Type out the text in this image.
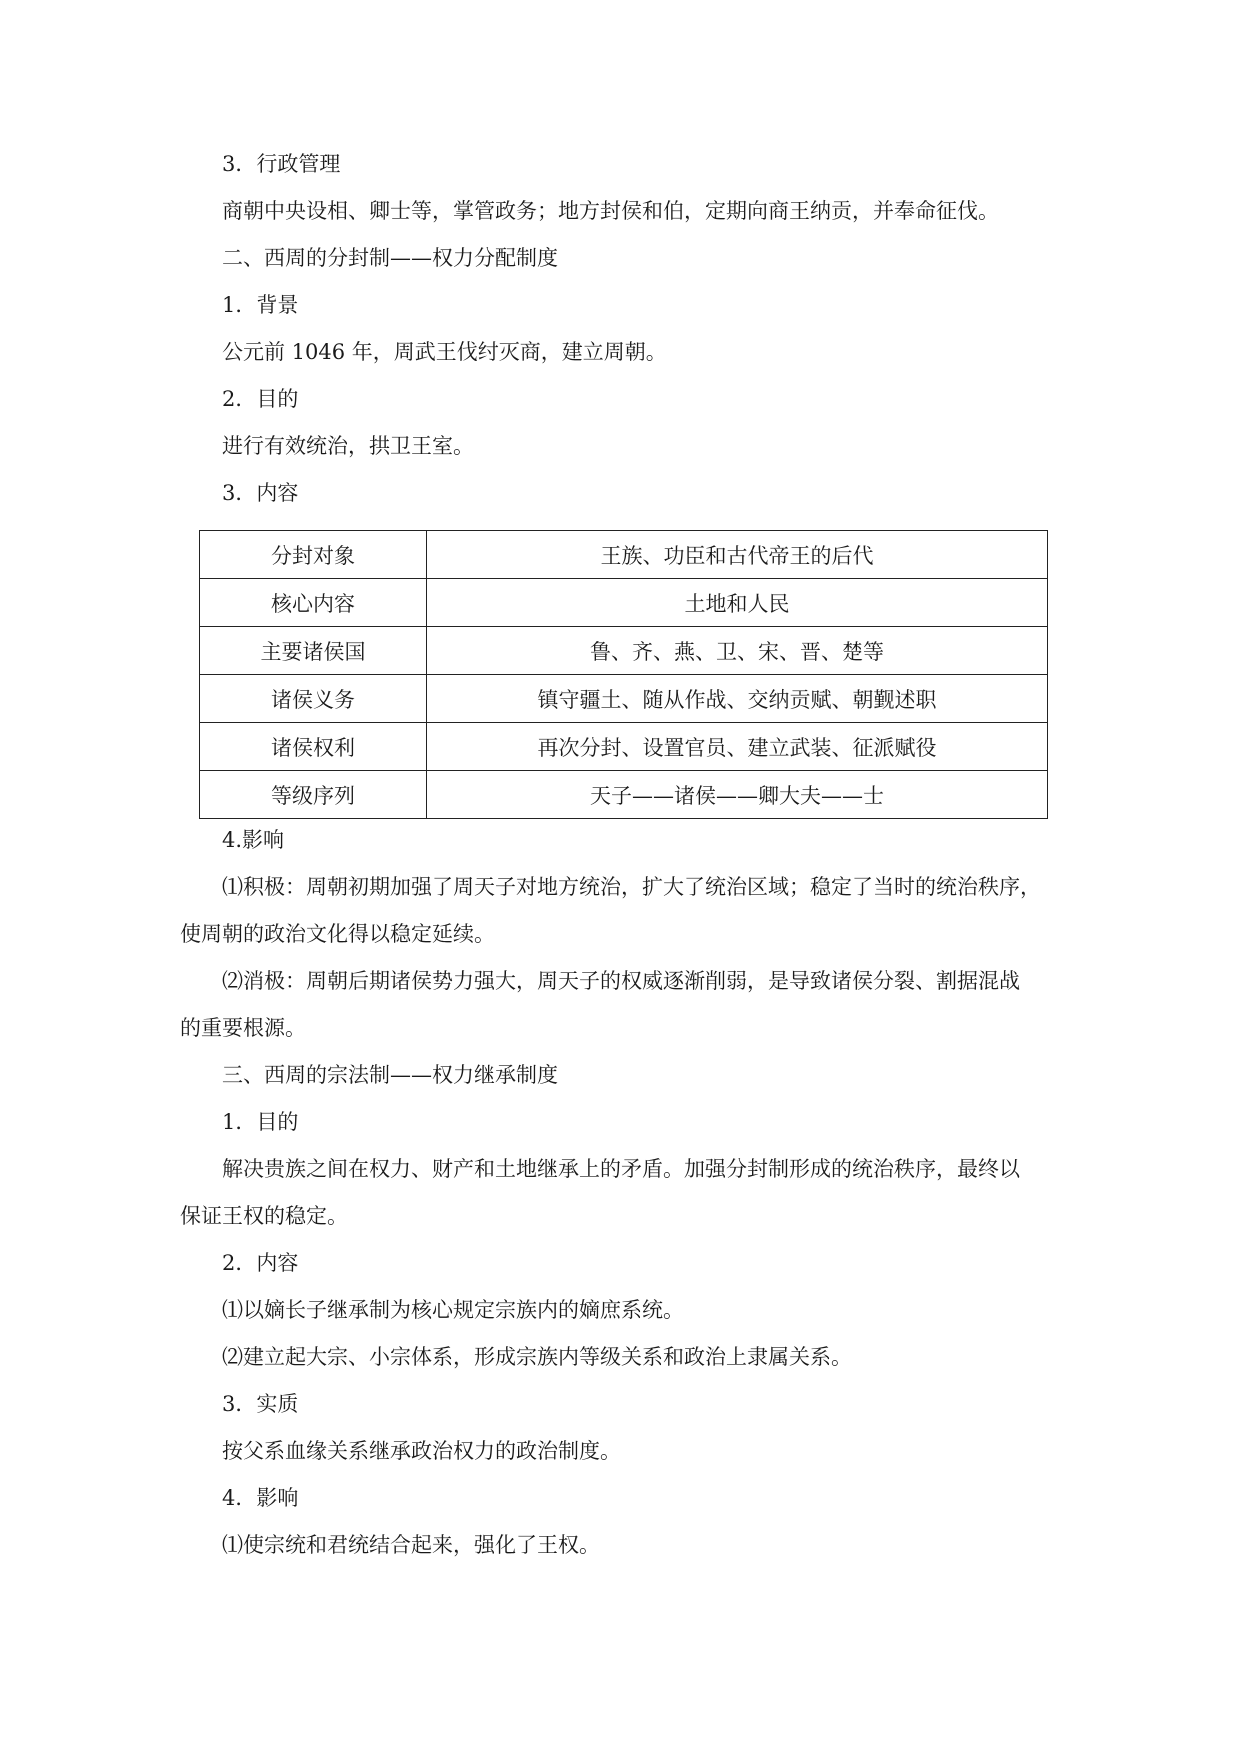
3．行政管理
商朝中央设相、卿士等，掌管政务；地方封侯和伯，定期向商王纳贡，并奉命征伐。
二、西周的分封制——权力分配制度
1．背景
公元前 1046 年，周武王伐纣灭商，建立周朝。
2．目的
进行有效统治，拱卫王室。
3．内容
分封对象	王族、功臣和古代帝王的后代
核心内容	土地和人民
主要诸侯国	鲁、齐、燕、卫、宋、晋、楚等
诸侯义务	镇守疆土、随从作战、交纳贡赋、朝觐述职
诸侯权利	再次分封、设置官员、建立武装、征派赋役
等级序列	天子——诸侯——卿大夫——士
4.影响
⑴积极：周朝初期加强了周天子对地方统治，扩大了统治区域；稳定了当时的统治秩序，
使周朝的政治文化得以稳定延续。
⑵消极：周朝后期诸侯势力强大，周天子的权威逐渐削弱，是导致诸侯分裂、割据混战
的重要根源。
三、西周的宗法制——权力继承制度
1．目的
解决贵族之间在权力、财产和土地继承上的矛盾。加强分封制形成的统治秩序，最终以
保证王权的稳定。
2．内容
⑴以嫡长子继承制为核心规定宗族内的嫡庶系统。
⑵建立起大宗、小宗体系，形成宗族内等级关系和政治上隶属关系。
3．实质
按父系血缘关系继承政治权力的政治制度。
4．影响
⑴使宗统和君统结合起来，强化了王权。
